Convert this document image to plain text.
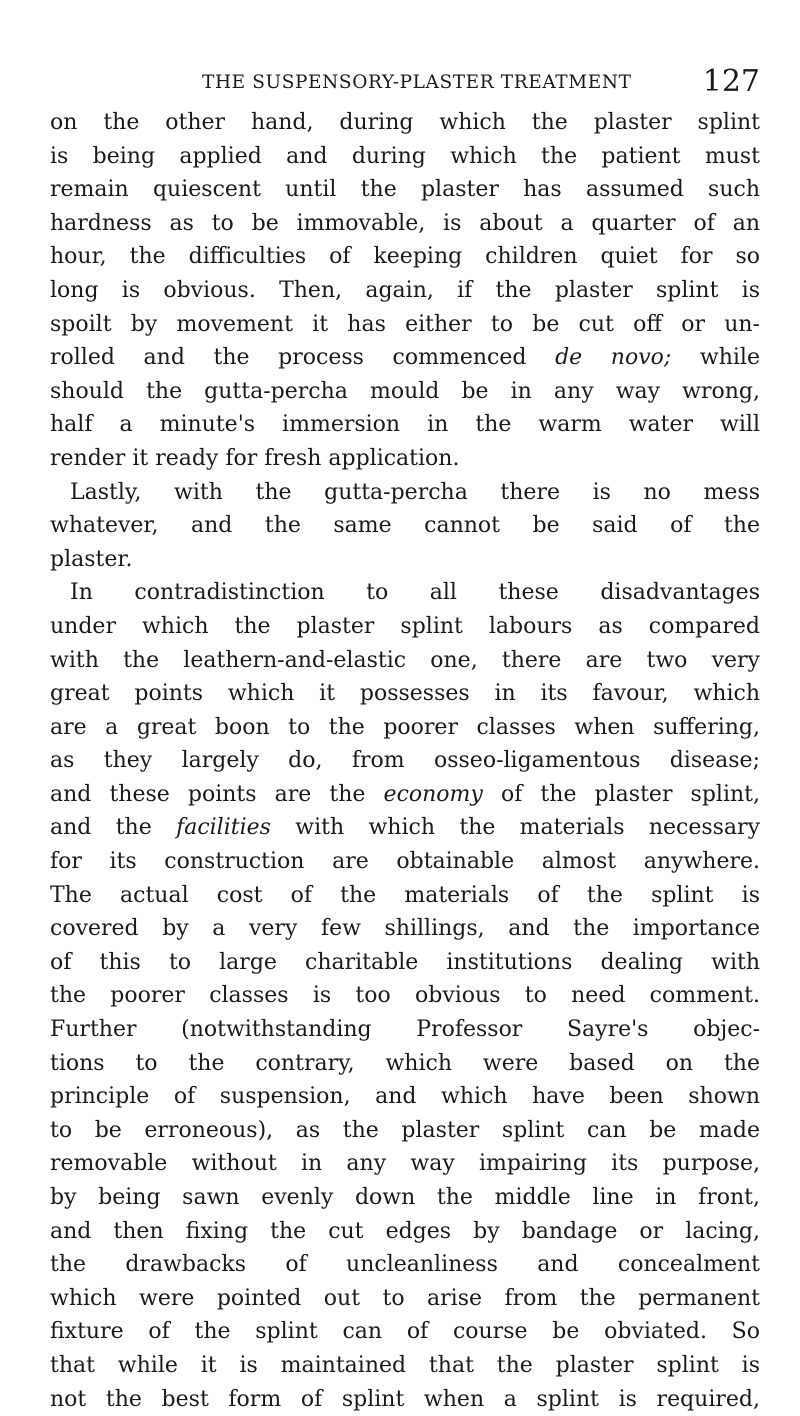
THE SUSPENSORY-PLASTER TREATMENT 127
on the other hand, during which the plaster splint
is being applied and during which the patient must
remain quiescent until the plaster has assumed such
hardness as to be immovable, is about a quarter of an
hour, the difficulties of keeping children quiet for so
long is obvious. Then, again, if the plaster splint is
spoilt by movement it has either to be cut off or un-
rolled and the process commenced de novo; while
should the gutta-percha mould be in any way wrong,
half a minute's immersion in the warm water will
render it ready for fresh application.
Lastly, with the gutta-percha there is no mess
whatever, and the same cannot be said of the
plaster.
In contradistinction to all these disadvantages
under which the plaster splint labours as compared
with the leathern-and-elastic one, there are two very
great points which it possesses in its favour, which
are a great boon to the poorer classes when suffering,
as they largely do, from osseo-ligamentous disease;
and these points are the economy of the plaster splint,
and the facilities with which the materials necessary
for its construction are obtainable almost anywhere.
The actual cost of the materials of the splint is
covered by a very few shillings, and the importance
of this to large charitable institutions dealing with
the poorer classes is too obvious to need comment.
Further (notwithstanding Professor Sayre's objec-
tions to the contrary, which were based on the
principle of suspension, and which have been shown
to be erroneous), as the plaster splint can be made
removable without in any way impairing its purpose,
by being sawn evenly down the middle line in front,
and then fixing the cut edges by bandage or lacing,
the drawbacks of uncleanliness and concealment
which were pointed out to arise from the permanent
fixture of the splint can of course be obviated. So
that while it is maintained that the plaster splint is
not the best form of splint when a splint is required,
